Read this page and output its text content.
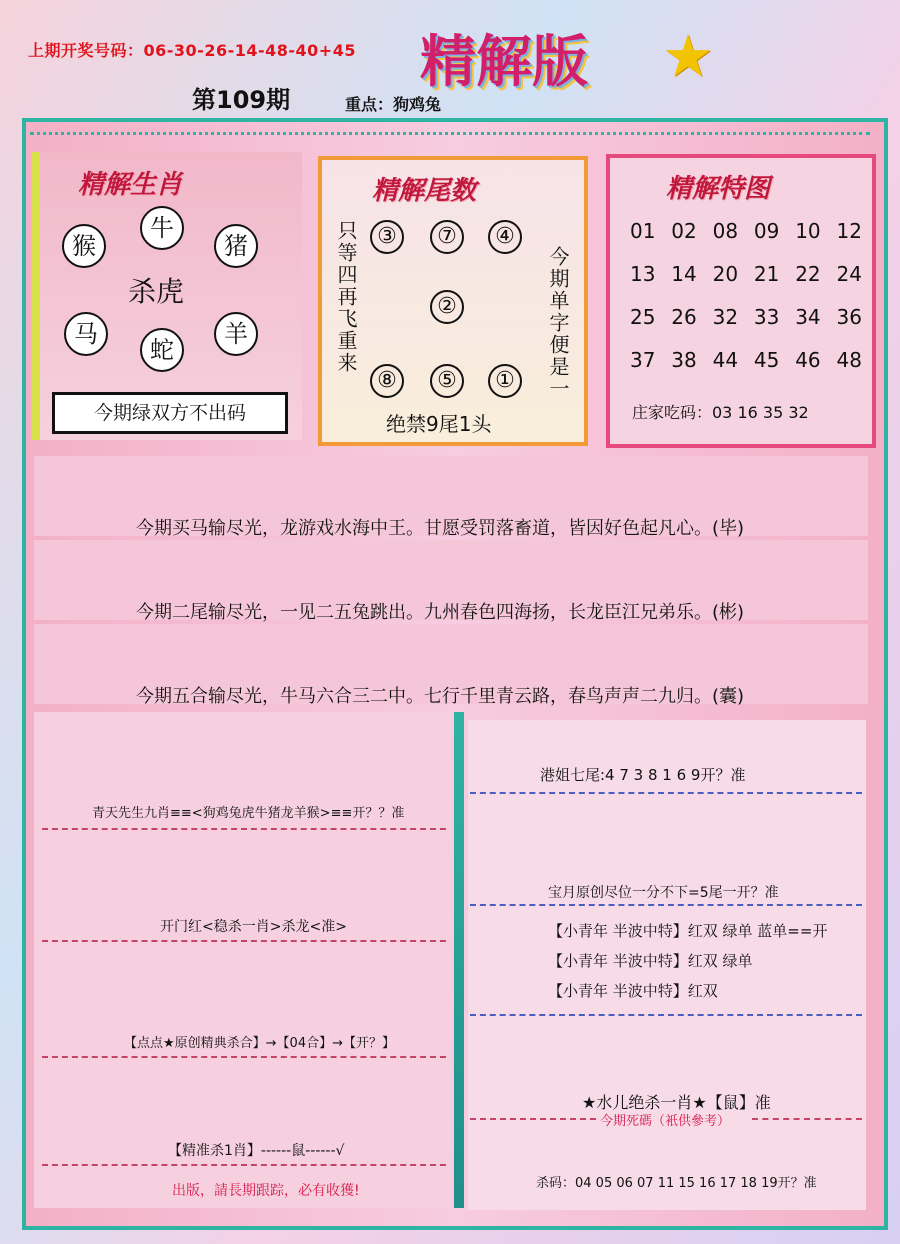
上期开奖号码：06-30-26-14-48-40+45 精解版 ★
第109期	重点：狗鸡兔
精解生肖
猴
牛
猪
杀虎
马
蛇
羊
今期绿双方不出码
精解尾数
③	⑦	④
②
⑧	⑤	①
只等四再飞重来	今期单字便是一
绝禁9尾1头
精解特图
01 02 08 09 10 12
13 14 20 21 22 24
25 26 32 33 34 36
37 38 44 45 46 48
庄家吃码：03 16 35 32
今期买马输尽光，龙游戏水海中王。甘愿受罚落畜道，皆因好色起凡心。(毕)
今期二尾输尽光，一见二五兔跳出。九州春色四海扬，长龙臣江兄弟乐。(彬)
今期五合输尽光，牛马六合三二中。七行千里青云路，春鸟声声二九归。(囊)
青天先生九肖≡≡<狗鸡兔虎牛猪龙羊猴>≡≡开？？准
开门红<稳杀一肖>杀龙<准>
【点点★原创精典杀合】→【04合】→【开？】
【精准杀1肖】------鼠------√
出版，請長期跟踪，必有收獲!
港姐七尾:4 7 3 8 1 6 9开？准
宝月原创尽位一分不下=5尾一开？准
【小青年 半波中特】红双 绿单 蓝单==开
【小青年 半波中特】红双 绿单
【小青年 半波中特】红双
★水儿绝杀一肖★【鼠】准
今期死碼（衹供參考）
杀码：04 05 06 07 11 15 16 17 18 19开？准
